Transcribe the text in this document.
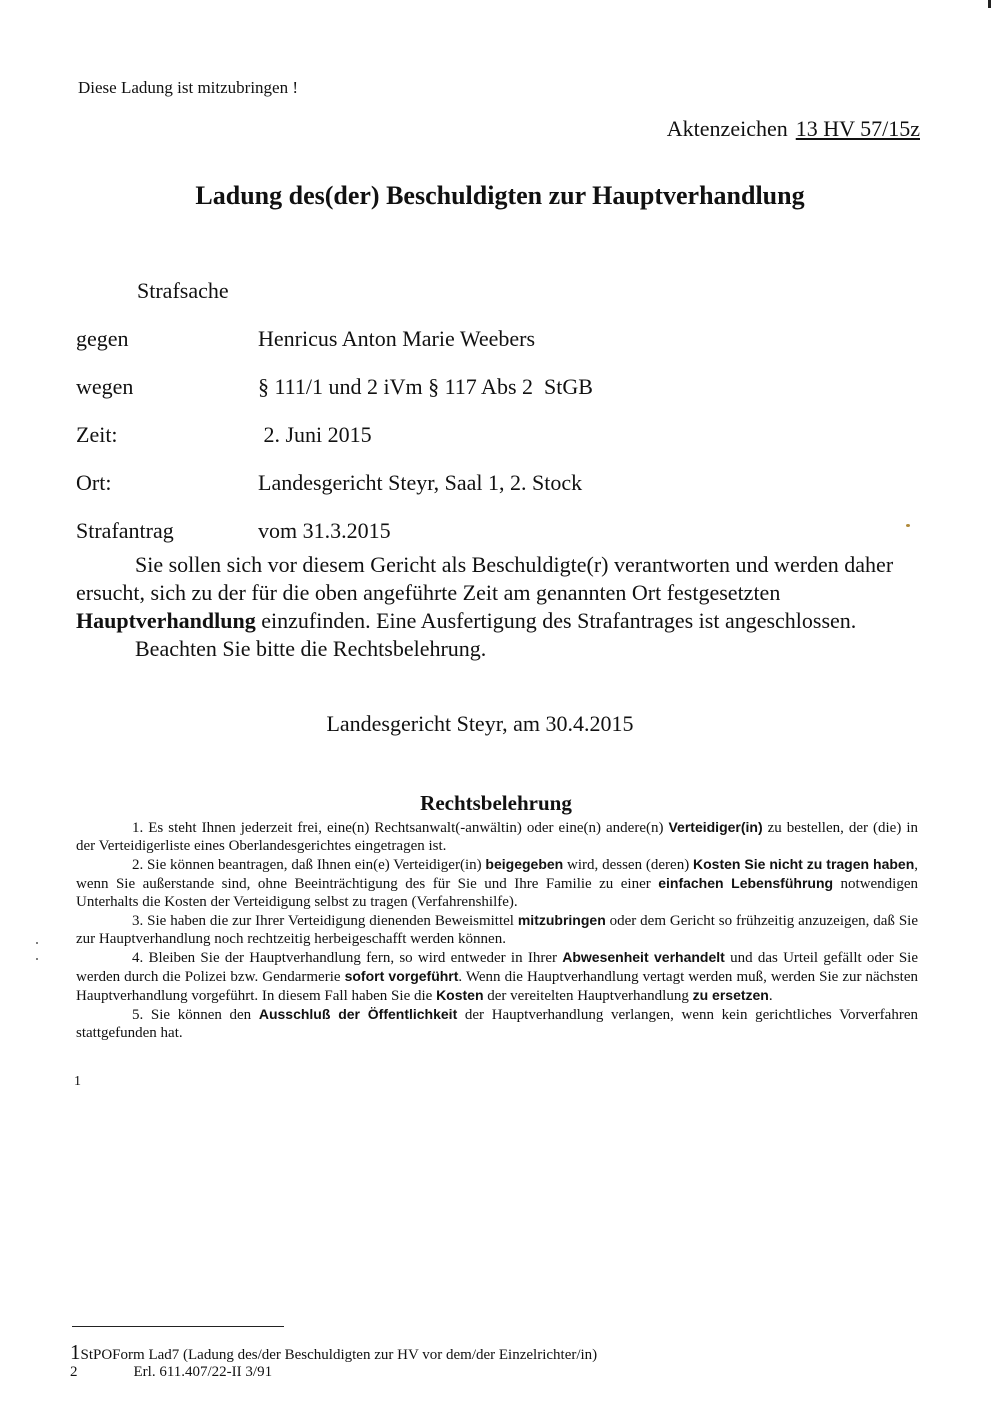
Diese Ladung ist mitzubringen !
Aktenzeichen 13 HV 57/15z
Ladung des(der) Beschuldigten zur Hauptverhandlung
Strafsache
gegen	Henricus Anton Marie Weebers
wegen	§ 111/1 und 2 iVm § 117 Abs 2  StGB
Zeit:	2. Juni 2015
Ort:	Landesgericht Steyr, Saal 1, 2. Stock
Strafantrag	vom 31.3.2015

Sie sollen sich vor diesem Gericht als Beschuldigte(r) verantworten und werden daher ersucht, sich zu der für die oben angeführte Zeit am genannten Ort festgesetzten Hauptverhandlung einzufinden. Eine Ausfertigung des Strafantrages ist angeschlossen.

Beachten Sie bitte die Rechtsbelehrung.

Landesgericht Steyr, am 30.4.2015
Rechtsbelehrung

1. Es steht Ihnen jederzeit frei, eine(n) Rechtsanwalt(-anwältin) oder eine(n) andere(n) Verteidiger(in) zu bestellen, der (die) in der Verteidigerliste eines Oberlandesgerichtes eingetragen ist.

2. Sie können beantragen, daß Ihnen ein(e) Verteidiger(in) beigegeben wird, dessen (deren) Kosten Sie nicht zu tragen haben, wenn Sie außerstande sind, ohne Beeinträchtigung des für Sie und Ihre Familie zu einer einfachen Lebensführung notwendigen Unterhalts die Kosten der Verteidigung selbst zu tragen (Verfahrenshilfe).

3. Sie haben die zur Ihrer Verteidigung dienenden Beweismittel mitzubringen oder dem Gericht so frühzeitig anzuzeigen, daß Sie zur Hauptverhandlung noch rechtzeitig herbeigeschafft werden können.

4. Bleiben Sie der Hauptverhandlung fern, so wird entweder in Ihrer Abwesenheit verhandelt und das Urteil gefällt oder Sie werden durch die Polizei bzw. Gendarmerie sofort vorgeführt. Wenn die Hauptverhandlung vertagt werden muß, werden Sie zur nächsten Hauptverhandlung vorgeführt. In diesem Fall haben Sie die Kosten der vereitelten Hauptverhandlung zu ersetzen.

5. Sie können den Ausschluß der Öffentlichkeit der Hauptverhandlung verlangen, wenn kein gerichtliches Vorverfahren stattgefunden hat.

1
1StPOForm Lad7 (Ladung des/der Beschuldigten zur HV vor dem/der Einzelrichter/in)
2	Erl. 611.407/22-II 3/91
